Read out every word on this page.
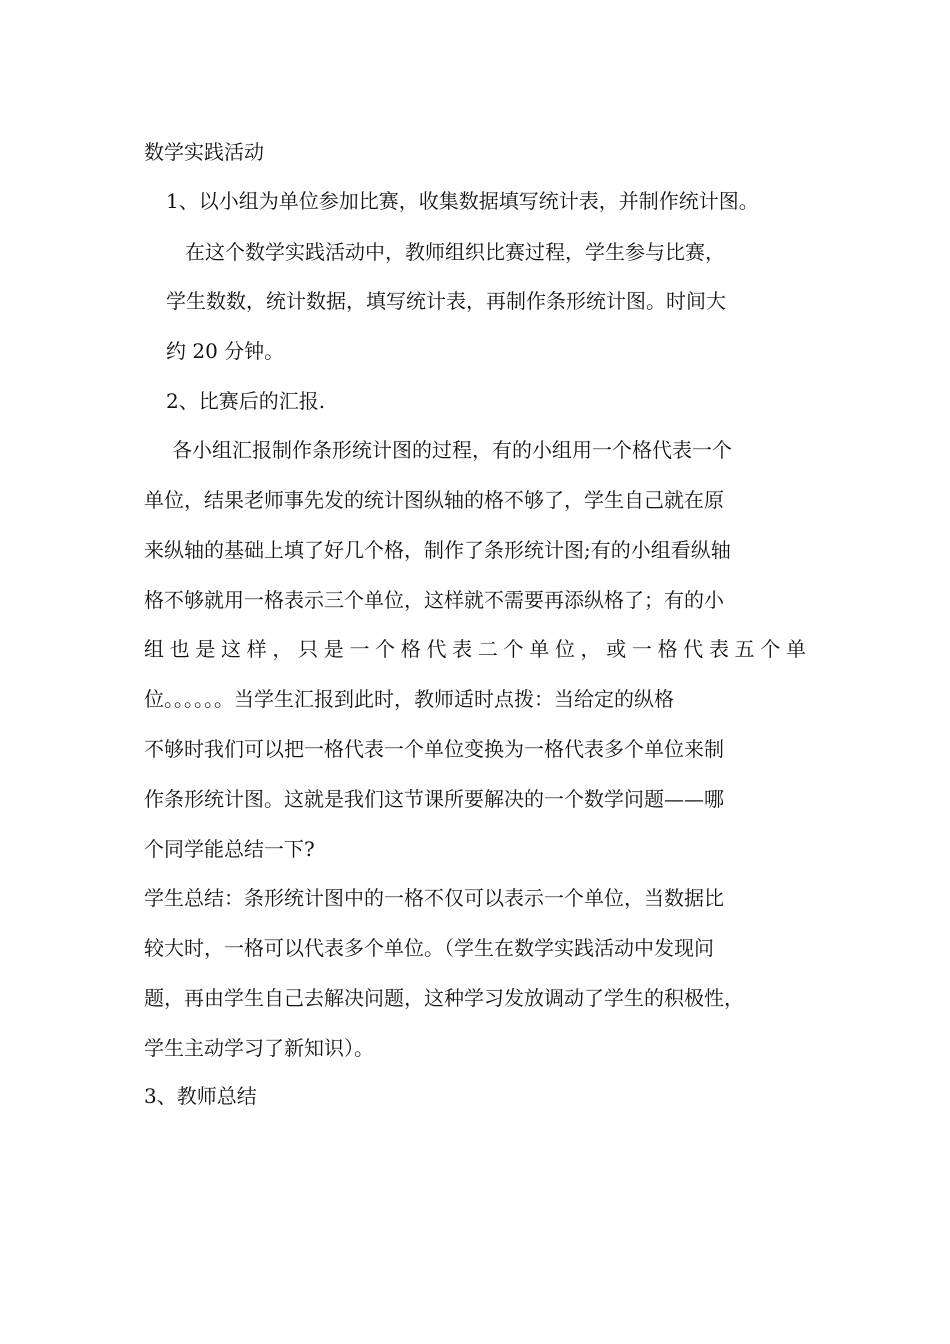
数学实践活动

1、以小组为单位参加比赛，收集数据填写统计表，并制作统计图。

在这个数学实践活动中，教师组织比赛过程，学生参与比赛，

学生数数，统计数据，填写统计表，再制作条形统计图。时间大

约 20 分钟。

2、比赛后的汇报.

各小组汇报制作条形统计图的过程，有的小组用一个格代表一个

单位，结果老师事先发的统计图纵轴的格不够了，学生自己就在原

来纵轴的基础上填了好几个格，制作了条形统计图;有的小组看纵轴

格不够就用一格表示三个单位，这样就不需要再添纵格了；有的小

组也是这样，只是一个格代表二个单位，或一格代表五个单

位。。。。。。当学生汇报到此时，教师适时点拨：当给定的纵格

不够时我们可以把一格代表一个单位变换为一格代表多个单位来制

作条形统计图。这就是我们这节课所要解决的一个数学问题——哪

个同学能总结一下?

学生总结：条形统计图中的一格不仅可以表示一个单位，当数据比

较大时，一格可以代表多个单位。（学生在数学实践活动中发现问

题，再由学生自己去解决问题，这种学习发放调动了学生的积极性，

学生主动学习了新知识）。

3、教师总结
